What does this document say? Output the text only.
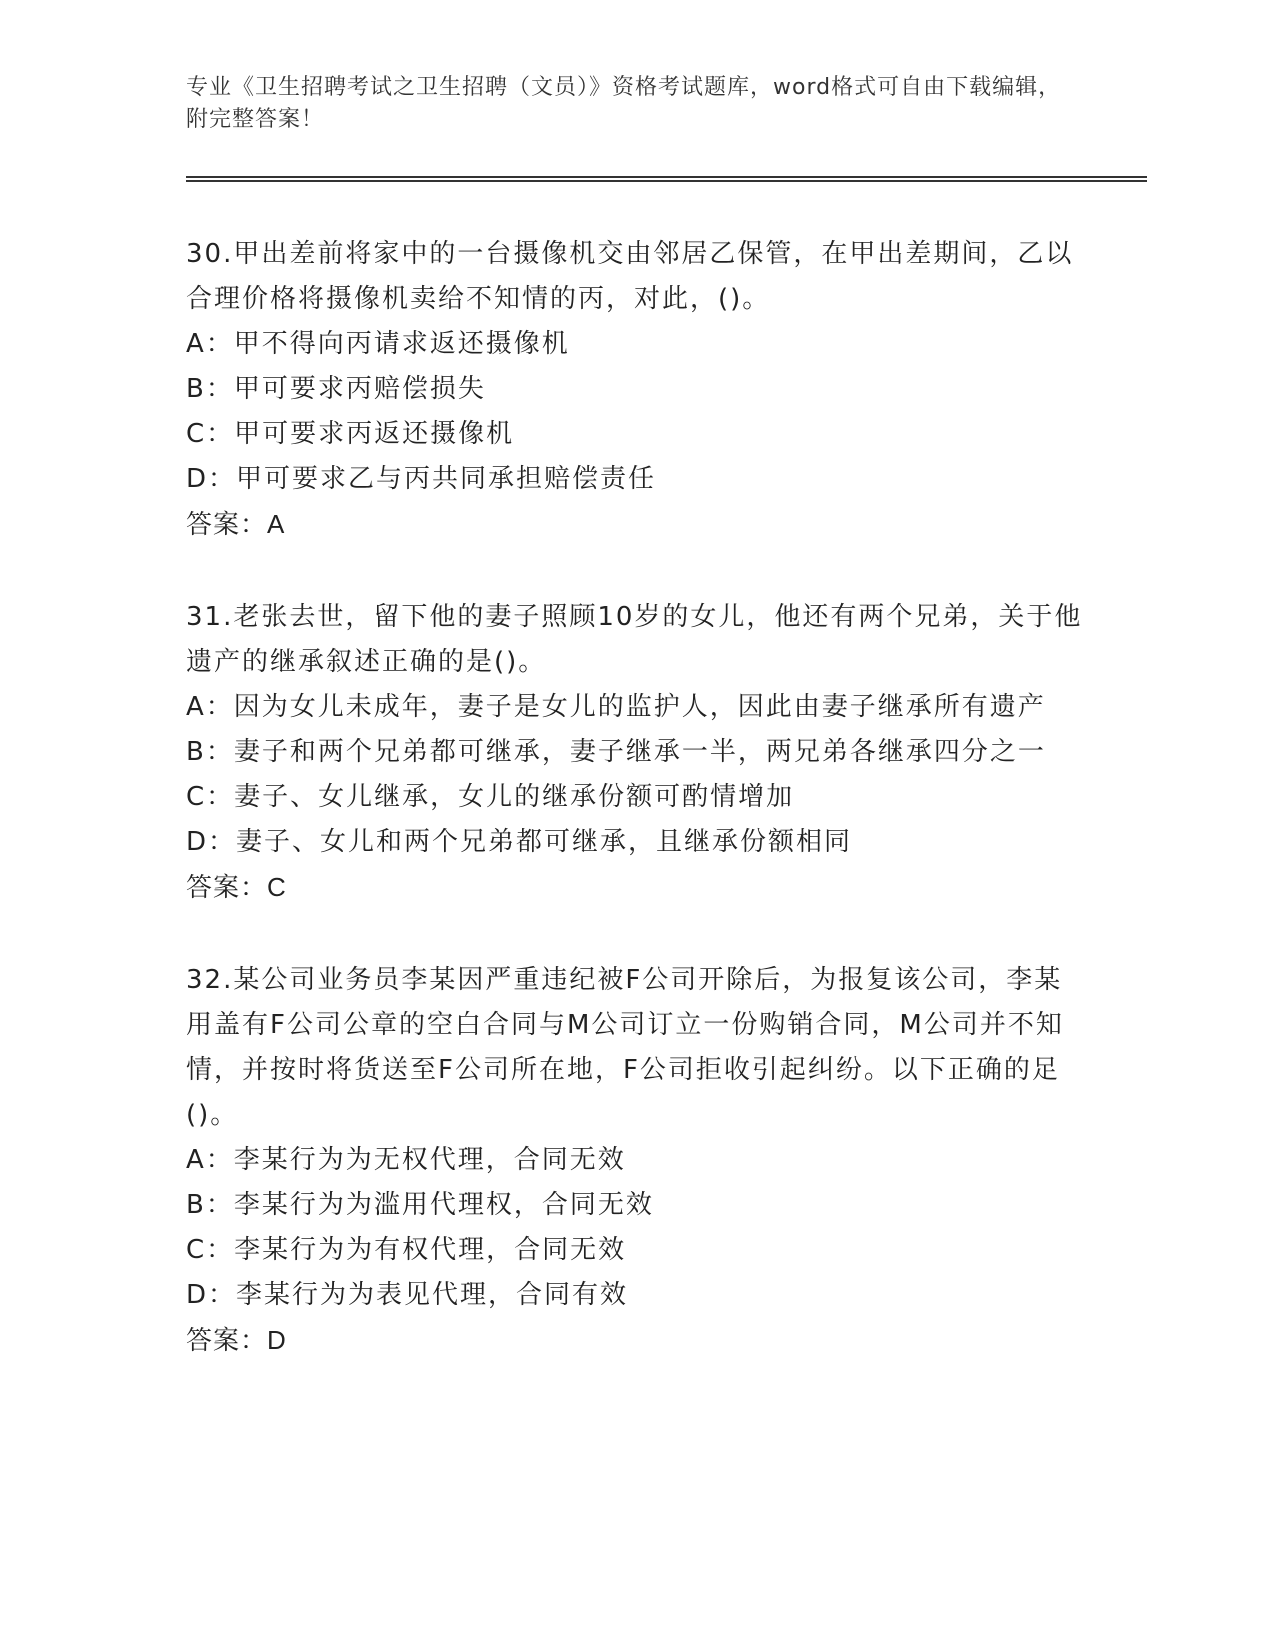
专业《卫生招聘考试之卫生招聘（文员）》资格考试题库，word格式可自由下载编辑，附完整答案！

30.甲出差前将家中的一台摄像机交由邻居乙保管，在甲出差期间，乙以合理价格将摄像机卖给不知情的丙，对此，()。

A：甲不得向丙请求返还摄像机

B：甲可要求丙赔偿损失

C：甲可要求丙返还摄像机

D：甲可要求乙与丙共同承担赔偿责任

答案：A

31.老张去世，留下他的妻子照顾10岁的女儿，他还有两个兄弟，关于他遗产的继承叙述正确的是()。

A：因为女儿未成年，妻子是女儿的监护人，因此由妻子继承所有遗产

B：妻子和两个兄弟都可继承，妻子继承一半，两兄弟各继承四分之一

C：妻子、女儿继承，女儿的继承份额可酌情增加

D：妻子、女儿和两个兄弟都可继承，且继承份额相同

答案：C

32.某公司业务员李某因严重违纪被F公司开除后，为报复该公司，李某用盖有F公司公章的空白合同与M公司订立一份购销合同，M公司并不知情，并按时将货送至F公司所在地，F公司拒收引起纠纷。以下正确的足()。

A：李某行为为无权代理，合同无效

B：李某行为为滥用代理权，合同无效

C：李某行为为有权代理，合同无效

D：李某行为为表见代理，合同有效

答案：D
